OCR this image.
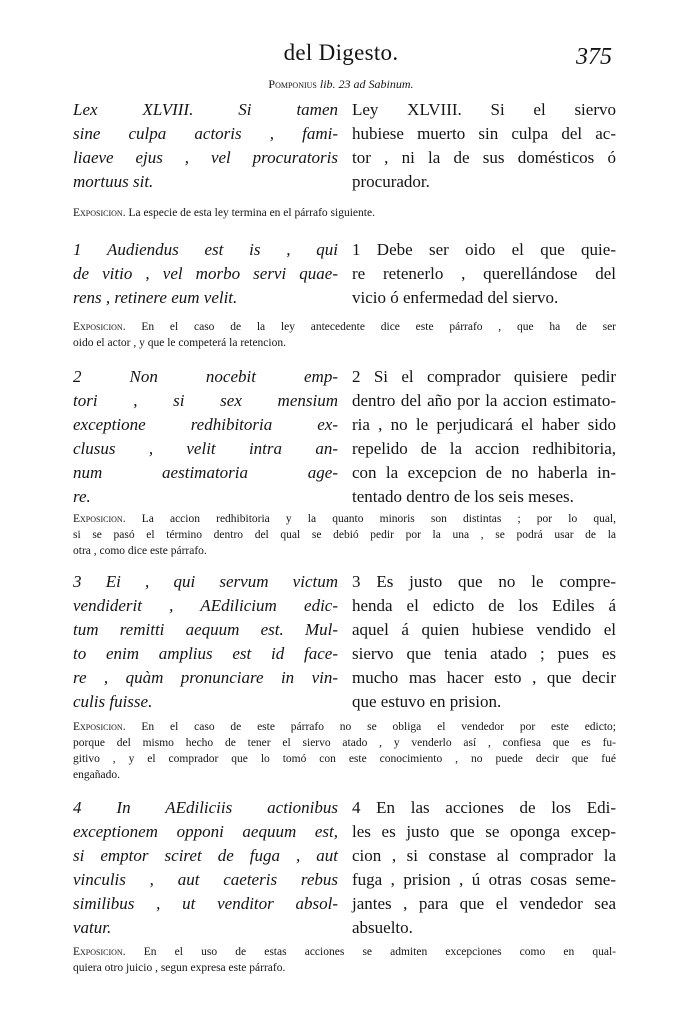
del Digesto.	375
Pomponius lib. 23 ad Sabinum.
Lex XLVIII. Si tamen
sine culpa actoris , fami-
liaeve ejus , vel procuratoris
mortuus sit.
Ley XLVIII. Si el siervo
hubiese muerto sin culpa del ac-
tor , ni la de sus domésticos ó
procurador.
Exposicion. La especie de esta ley termina en el párrafo siguiente.
1 Audiendus est is , qui
de vitio , vel morbo servi quae-
rens , retinere eum velit.
1 Debe ser oido el que quie-
re retenerlo , querellándose del
vicio ó enfermedad del siervo.
Exposicion. En el caso de la ley antecedente dice este párrafo , que ha de ser
oido el actor , y que le competerá la retencion.
2 Non nocebit emp-
tori , si sex mensium
exceptione redhibitoria ex-
clusus , velit intra an-
num aestimatoria age-
re.
2 Si el comprador quisiere pedir
dentro del año por la accion estimato-
ria , no le perjudicará el haber sido
repelido de la accion redhibitoria,
con la excepcion de no haberla in-
tentado dentro de los seis meses.
Exposicion. La accion redhibitoria y la quanto minoris son distintas ; por lo qual,
si se pasó el término dentro del qual se debió pedir por la una , se podrá usar de la
otra , como dice este párrafo.
3 Ei , qui servum victum
vendiderit , AEdilicium edic-
tum remitti aequum est. Mul-
to enim amplius est id face-
re , quàm pronunciare in vin-
culis fuisse.
3 Es justo que no le compre-
henda el edicto de los Ediles á
aquel á quien hubiese vendido el
siervo que tenia atado ; pues es
mucho mas hacer esto , que decir
que estuvo en prision.
Exposicion. En el caso de este párrafo no se obliga el vendedor por este edicto;
porque del mismo hecho de tener el siervo atado , y venderlo así , confiesa que es fu-
gitivo , y el comprador que lo tomó con este conocimiento , no puede decir que fué
engañado.
4 In AEdiliciis actionibus
exceptionem opponi aequum est,
si emptor sciret de fuga , aut
vinculis , aut caeteris rebus
similibus , ut venditor absol-
vatur.
4 En las acciones de los Edi-
les es justo que se oponga excep-
cion , si constase al comprador la
fuga , prision , ú otras cosas seme-
jantes , para que el vendedor sea
absuelto.
Exposicion. En el uso de estas acciones se admiten excepciones como en qual-
quiera otro juicio , segun expresa este párrafo.
